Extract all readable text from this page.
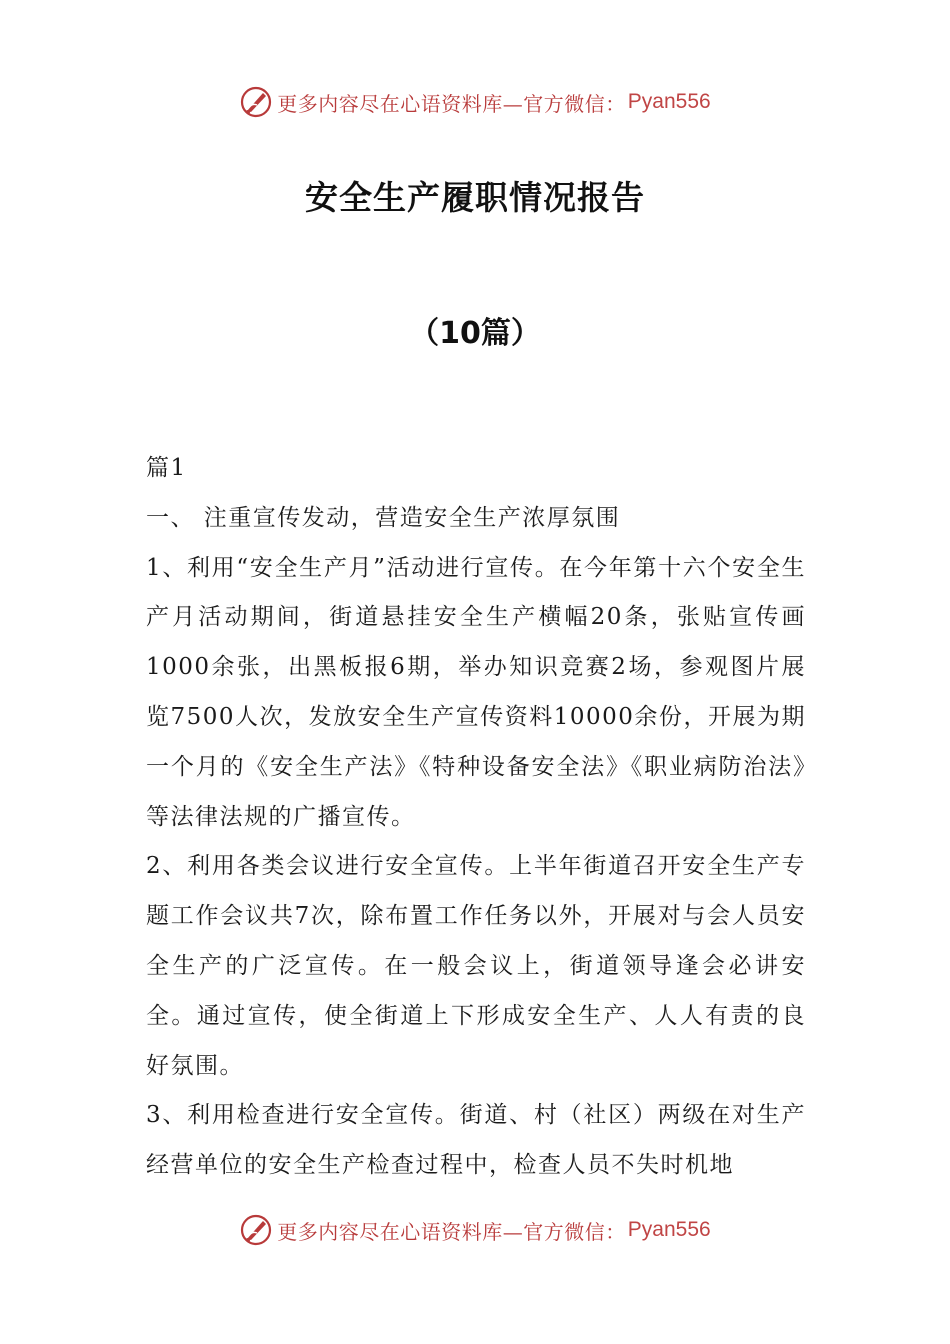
更多内容尽在心语资料库—官方微信： Pyan556
安全生产履职情况报告
（10篇）

篇1

一、 注重宣传发动，营造安全生产浓厚氛围

1、利用“安全生产月”活动进行宣传。在今年第十六个安全生产月活动期间，街道悬挂安全生产横幅20条，张贴宣传画1000余张，出黑板报6期，举办知识竞赛2场，参观图片展览7500人次，发放安全生产宣传资料10000余份，开展为期一个月的《安全生产法》《特种设备安全法》《职业病防治法》等法律法规的广播宣传。

2、利用各类会议进行安全宣传。上半年街道召开安全生产专题工作会议共7次，除布置工作任务以外，开展对与会人员安全生产的广泛宣传。在一般会议上，街道领导逢会必讲安全。通过宣传，使全街道上下形成安全生产、人人有责的良好氛围。

3、利用检查进行安全宣传。街道、村（社区）两级在对生产经营单位的安全生产检查过程中，检查人员不失时机地

更多内容尽在心语资料库—官方微信： Pyan556
